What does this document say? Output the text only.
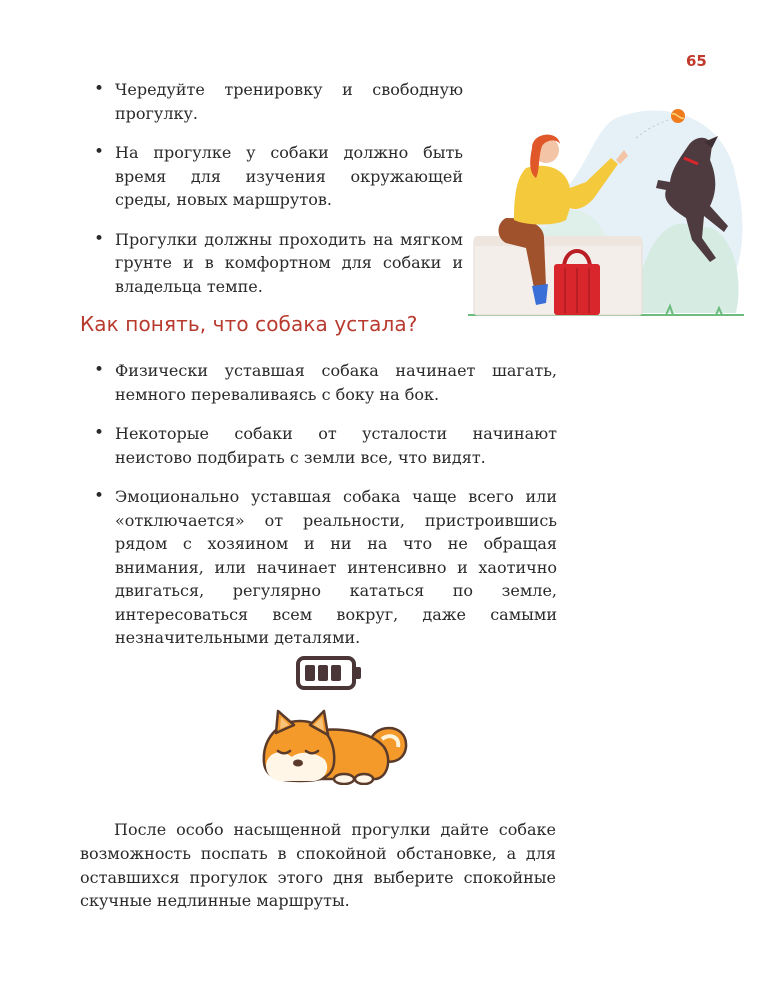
65
• Чередуйте тренировку и свободную прогулку.
• На прогулке у собаки должно быть время для изучения окружающей среды, новых маршрутов.
• Прогулки должны проходить на мягком грунте и в комфортном для собаки и владельца темпе.
Как понять, что собака устала?
• Физически уставшая собака начинает шагать, немного переваливаясь с боку на бок.
• Некоторые собаки от усталости начинают неистово подбирать с земли все, что видят.
• Эмоционально уставшая собака чаще всего или «отключается» от реальности, пристроившись рядом с хозяином и ни на что не обращая внимания, или начинает интенсивно и хаотично двигаться, регулярно кататься по земле, интересоваться всем вокруг, даже самыми незначительными деталями.

После особо насыщенной прогулки дайте собаке возможность поспать в спокойной обстановке, а для оставшихся прогулок этого дня выберите спокойные скучные недлинные маршруты.
